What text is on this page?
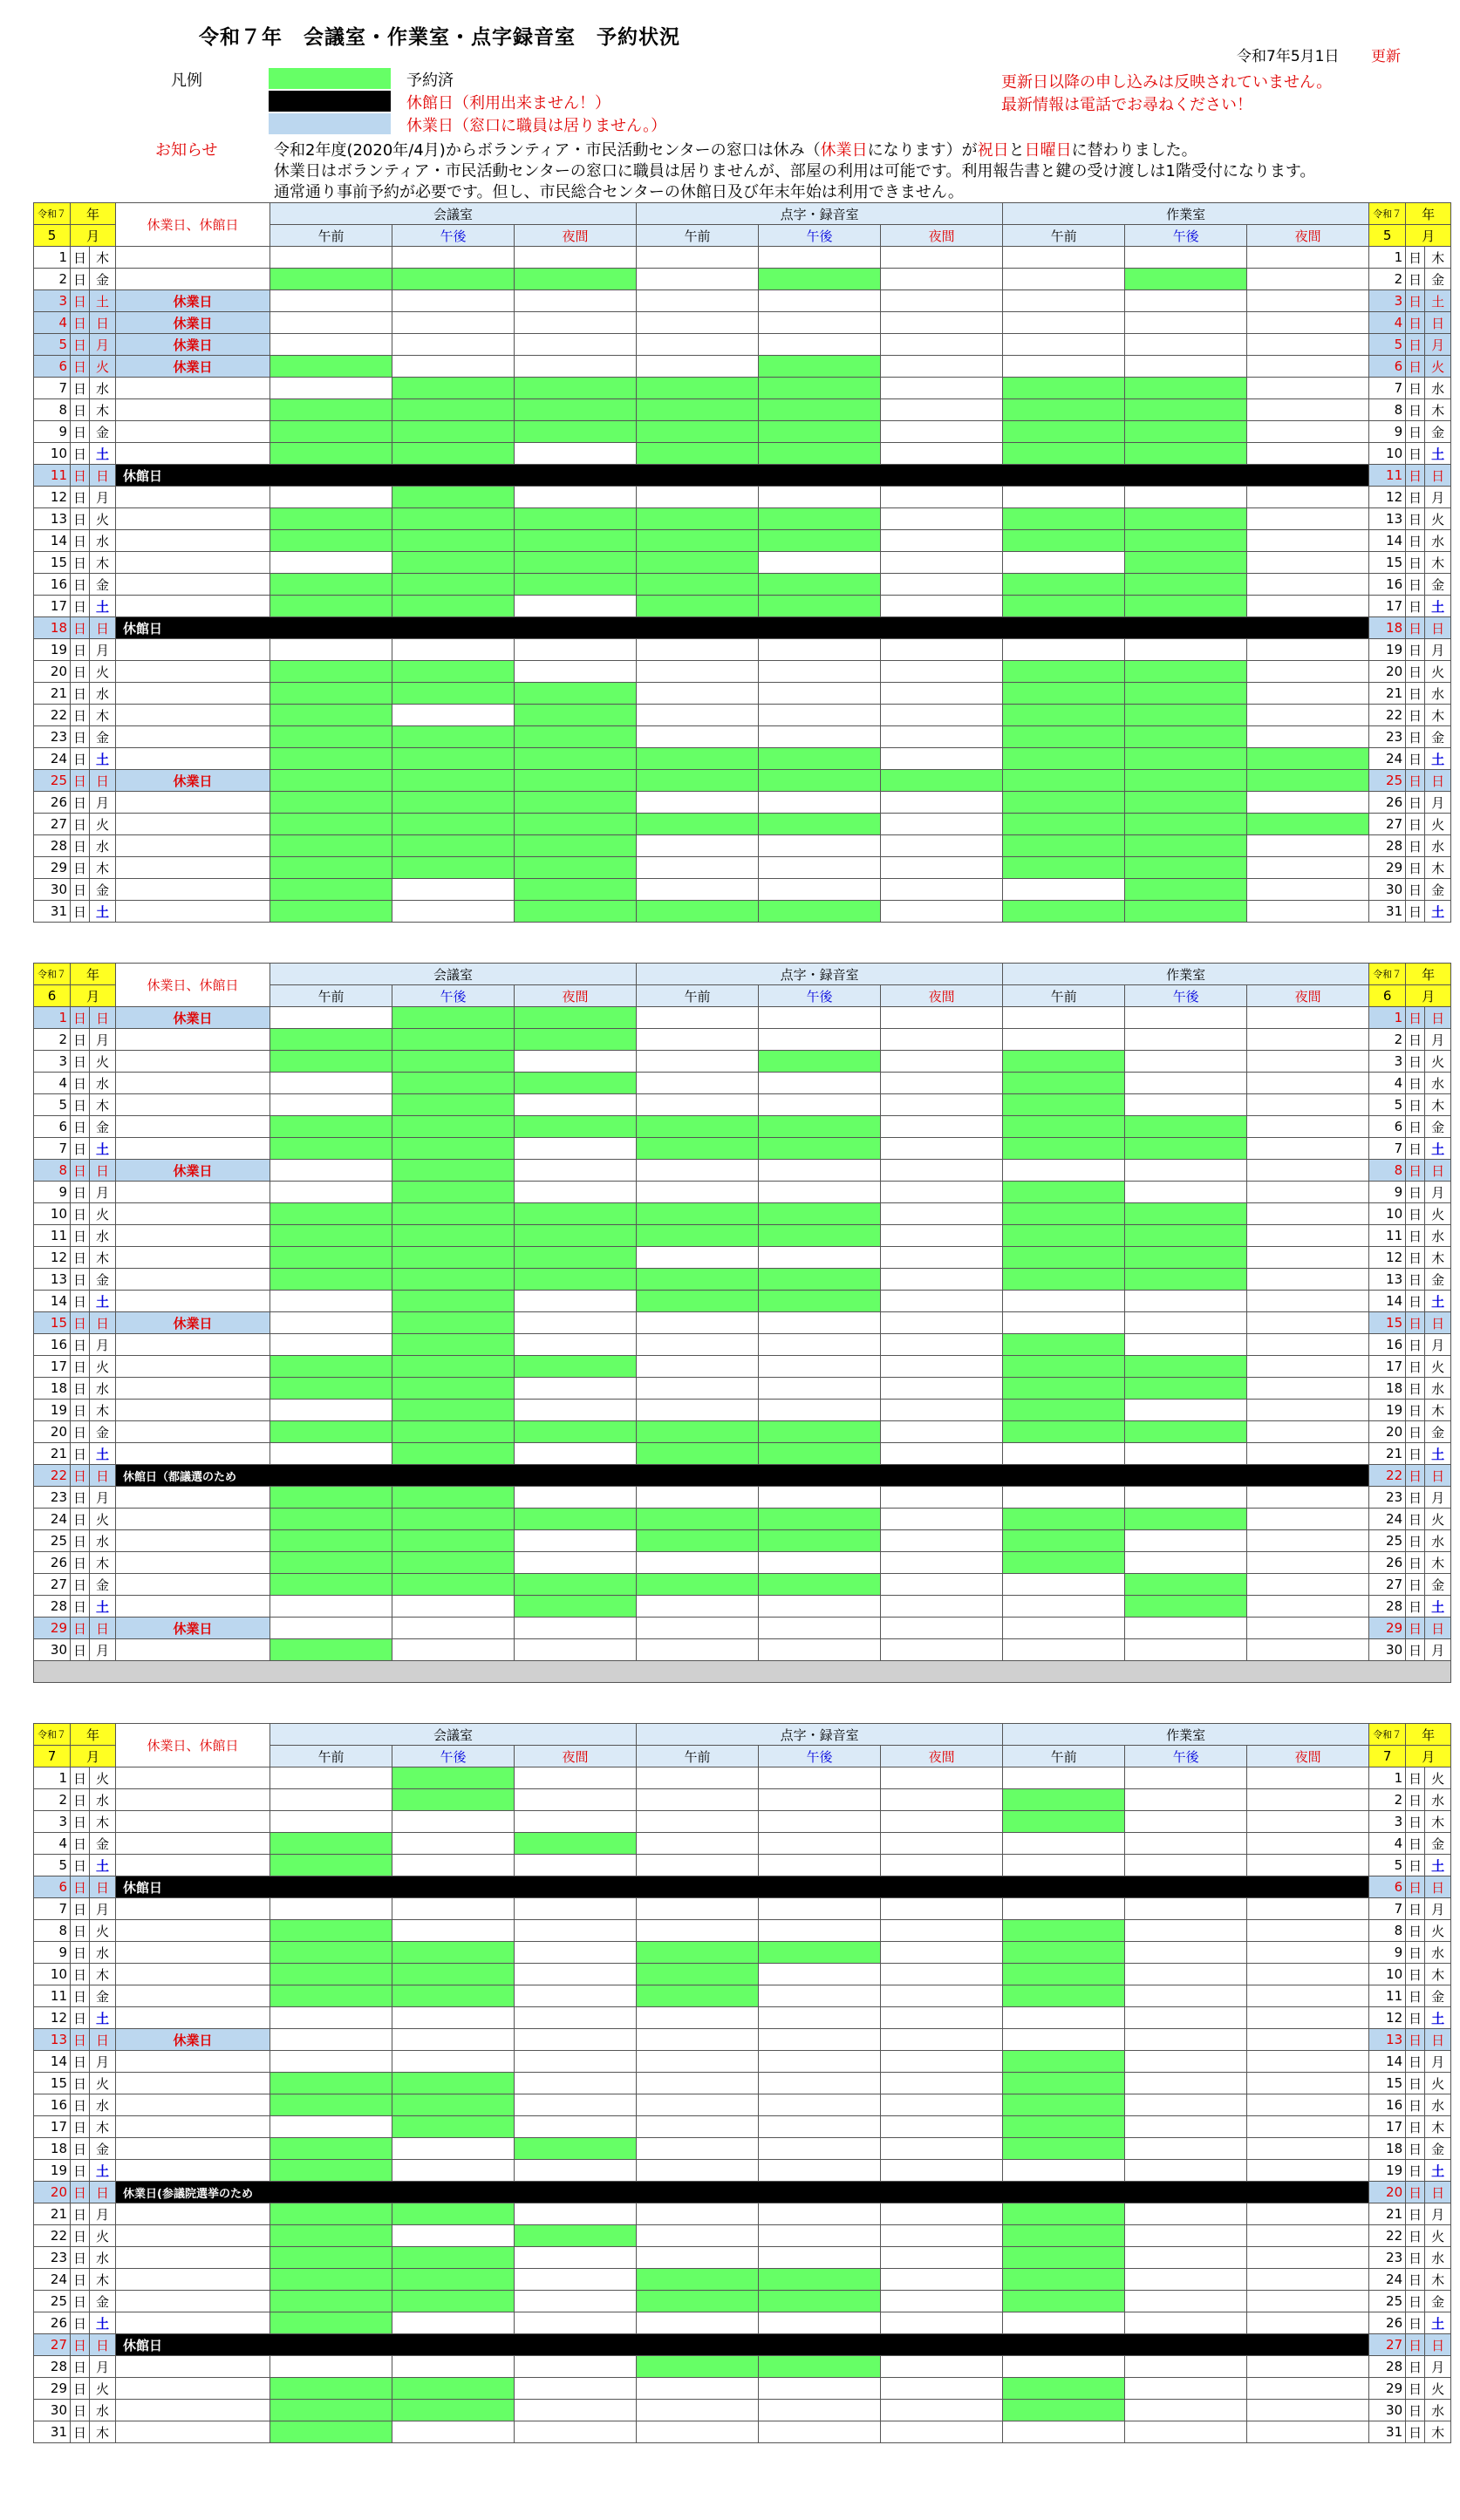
令和７年　会議室・作業室・点字録音室　予約状況
令和7年5月1日 更新
凡例	予約済
休館日（利用出来ません！）
休業日（窓口に職員は居りません。）
更新日以降の申し込みは反映されていません。
最新情報は電話でお尋ねください！
お知らせ	令和2年度(2020年/4月)からボランティア・市民活動センターの窓口は休み（休業日になります）が祝日と日曜日に替わりました。
休業日はボランティア・市民活動センターの窓口に職員は居りませんが、部屋の利用は可能です。利用報告書と鍵の受け渡しは1階受付になります。
通常通り事前予約が必要です。但し、市民総合センターの休館日及び年末年始は利用できません。
令和７	年		休業日、休館日	会議室			点字・録音室			作業室			令和７	年	
5	月			午前	午後	夜間	午前	午後	夜間	午前	午後	夜間	5	月	
1	日	木											1	日	木
2	日	金											2	日	金
3	日	土	休業日										3	日	土
4	日	日	休業日										4	日	日
5	日	月	休業日										5	日	月
6	日	火	休業日										6	日	火
7	日	水											7	日	水
8	日	木											8	日	木
9	日	金											9	日	金
10	日	土											10	日	土
11	日	日	休館日										11	日	日
12	日	月											12	日	月
13	日	火											13	日	火
14	日	水											14	日	水
15	日	木											15	日	木
16	日	金											16	日	金
17	日	土											17	日	土
18	日	日	休館日										18	日	日
19	日	月											19	日	月
20	日	火											20	日	火
21	日	水											21	日	水
22	日	木											22	日	木
23	日	金											23	日	金
24	日	土											24	日	土
25	日	日	休業日										25	日	日
26	日	月											26	日	月
27	日	火											27	日	火
28	日	水											28	日	水
29	日	木											29	日	木
30	日	金											30	日	金
31	日	土											31	日	土
令和７	年		休業日、休館日	会議室			点字・録音室			作業室			令和７	年	
6	月			午前	午後	夜間	午前	午後	夜間	午前	午後	夜間	6	月	
1	日	日	休業日										1	日	日
2	日	月											2	日	月
3	日	火											3	日	火
4	日	水											4	日	水
5	日	木											5	日	木
6	日	金											6	日	金
7	日	土											7	日	土
8	日	日	休業日										8	日	日
9	日	月											9	日	月
10	日	火											10	日	火
11	日	水											11	日	水
12	日	木											12	日	木
13	日	金											13	日	金
14	日	土											14	日	土
15	日	日	休業日										15	日	日
16	日	月											16	日	月
17	日	火											17	日	火
18	日	水											18	日	水
19	日	木											19	日	木
20	日	金											20	日	金
21	日	土											21	日	土
22	日	日	休館日（都議選のため										22	日	日
23	日	月											23	日	月
24	日	火											24	日	火
25	日	水											25	日	水
26	日	木											26	日	木
27	日	金											27	日	金
28	日	土											28	日	土
29	日	日	休業日										29	日	日
30	日	月											30	日	月

令和７	年		休業日、休館日	会議室			点字・録音室			作業室			令和７	年	
7	月			午前	午後	夜間	午前	午後	夜間	午前	午後	夜間	7	月	
1	日	火											1	日	火
2	日	水											2	日	水
3	日	木											3	日	木
4	日	金											4	日	金
5	日	土											5	日	土
6	日	日	休館日										6	日	日
7	日	月											7	日	月
8	日	火											8	日	火
9	日	水											9	日	水
10	日	木											10	日	木
11	日	金											11	日	金
12	日	土											12	日	土
13	日	日	休業日										13	日	日
14	日	月											14	日	月
15	日	火											15	日	火
16	日	水											16	日	水
17	日	木											17	日	木
18	日	金											18	日	金
19	日	土											19	日	土
20	日	日	休業日(参議院選挙のため										20	日	日
21	日	月											21	日	月
22	日	火											22	日	火
23	日	水											23	日	水
24	日	木											24	日	木
25	日	金											25	日	金
26	日	土											26	日	土
27	日	日	休館日										27	日	日
28	日	月											28	日	月
29	日	火											29	日	火
30	日	水											30	日	水
31	日	木											31	日	木
